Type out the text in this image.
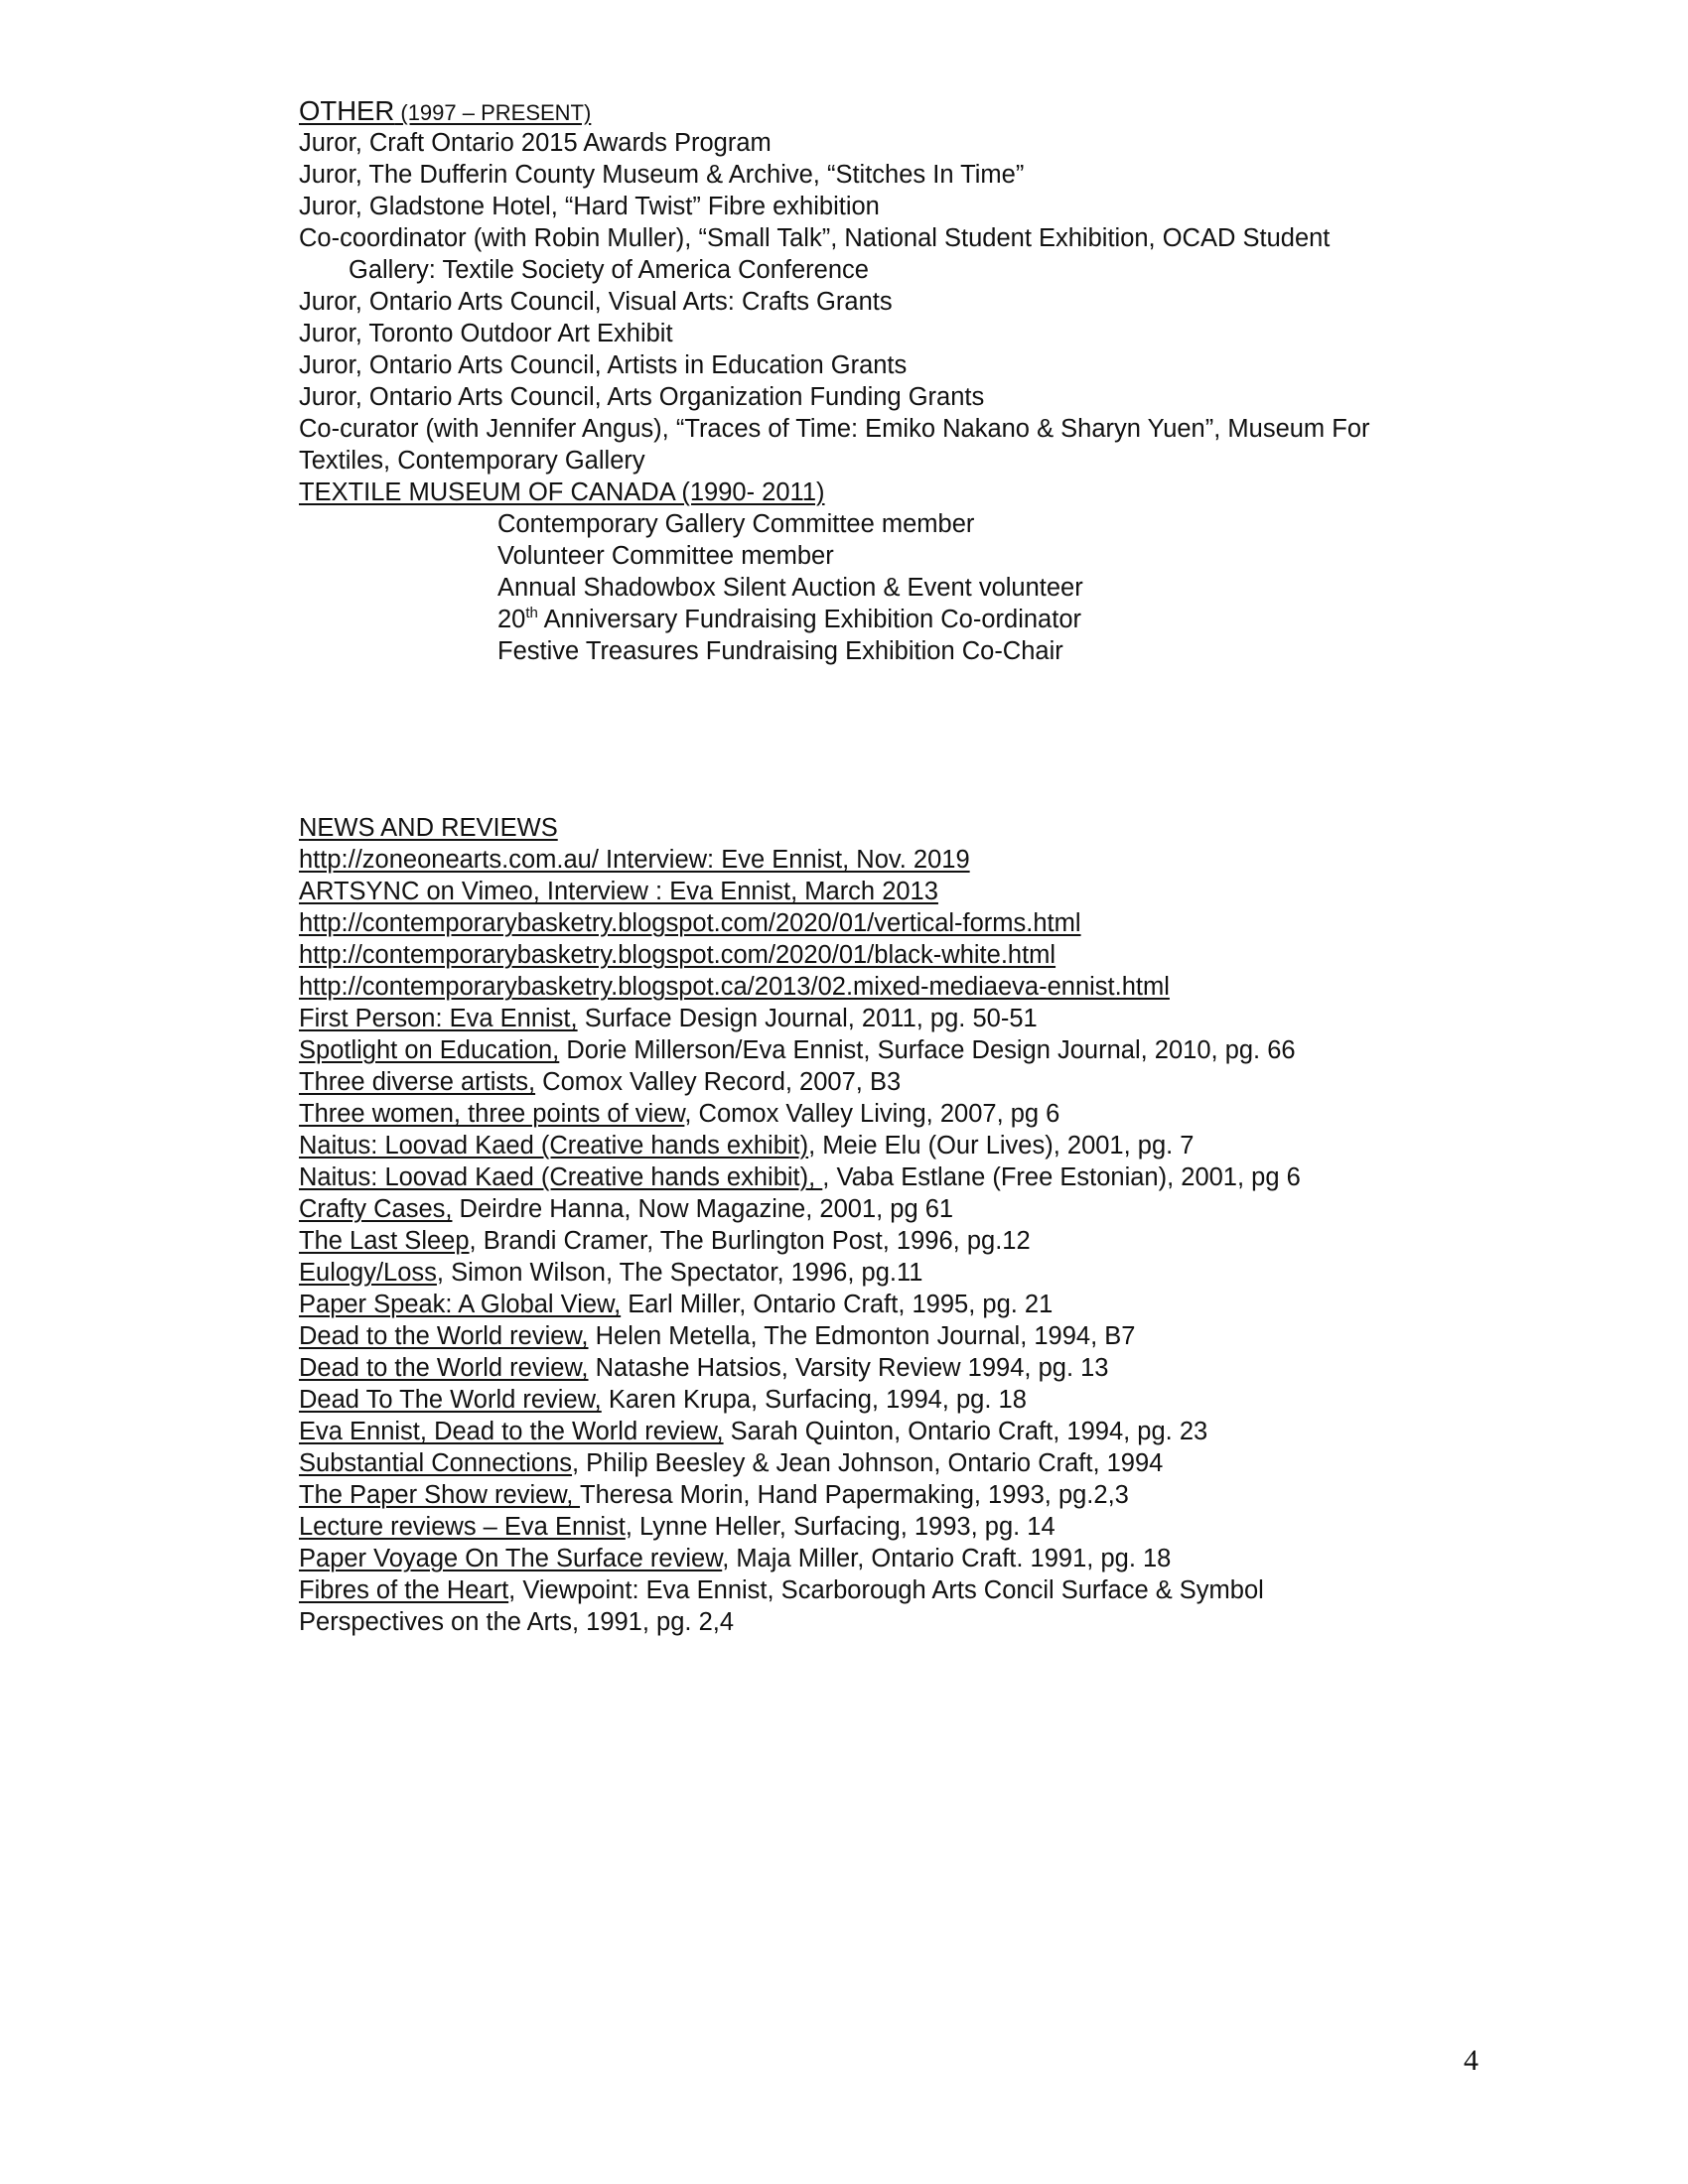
OTHER (1997 – PRESENT)
Juror, Craft Ontario 2015 Awards Program
Juror, The Dufferin County Museum & Archive, “Stitches In Time”
Juror, Gladstone Hotel, “Hard Twist” Fibre exhibition
Co-coordinator (with Robin Muller), “Small Talk”, National Student Exhibition, OCAD Student
Gallery: Textile Society of America Conference
Juror, Ontario Arts Council, Visual Arts: Crafts Grants
Juror, Toronto Outdoor Art Exhibit
Juror, Ontario Arts Council, Artists in Education Grants
Juror, Ontario Arts Council, Arts Organization Funding Grants
Co-curator (with Jennifer Angus), “Traces of Time: Emiko Nakano & Sharyn Yuen”, Museum For
Textiles, Contemporary Gallery
TEXTILE MUSEUM OF CANADA (1990- 2011)
Contemporary Gallery Committee member
Volunteer Committee member
Annual Shadowbox Silent Auction & Event volunteer
20th Anniversary Fundraising Exhibition Co-ordinator
Festive Treasures Fundraising Exhibition Co-Chair
NEWS AND REVIEWS
http://zoneonearts.com.au/ Interview: Eve Ennist, Nov. 2019
ARTSYNC on Vimeo, Interview : Eva Ennist, March 2013
http://contemporarybasketry.blogspot.com/2020/01/vertical-forms.html
http://contemporarybasketry.blogspot.com/2020/01/black-white.html
http://contemporarybasketry.blogspot.ca/2013/02.mixed-mediaeva-ennist.html
First Person: Eva Ennist, Surface Design Journal, 2011, pg. 50-51
Spotlight on Education, Dorie Millerson/Eva Ennist, Surface Design Journal, 2010, pg. 66
Three diverse artists, Comox Valley Record, 2007, B3
Three women, three points of view, Comox Valley Living, 2007, pg 6
Naitus: Loovad Kaed (Creative hands exhibit), Meie Elu (Our Lives), 2001, pg. 7
Naitus: Loovad Kaed (Creative hands exhibit), , Vaba Estlane (Free Estonian), 2001, pg 6
Crafty Cases, Deirdre Hanna, Now Magazine, 2001, pg 61
The Last Sleep, Brandi Cramer, The Burlington Post, 1996, pg.12
Eulogy/Loss, Simon Wilson, The Spectator, 1996, pg.11
Paper Speak: A Global View, Earl Miller, Ontario Craft, 1995, pg. 21
Dead to the World review, Helen Metella, The Edmonton Journal, 1994, B7
Dead to the World review, Natashe Hatsios, Varsity Review 1994, pg. 13
Dead To The World review, Karen Krupa, Surfacing, 1994, pg. 18
Eva Ennist, Dead to the World review, Sarah Quinton, Ontario Craft, 1994, pg. 23
Substantial Connections, Philip Beesley & Jean Johnson, Ontario Craft, 1994
The Paper Show review, Theresa Morin, Hand Papermaking, 1993, pg.2,3
Lecture reviews – Eva Ennist, Lynne Heller, Surfacing, 1993, pg. 14
Paper Voyage On The Surface review, Maja Miller, Ontario Craft. 1991, pg. 18
Fibres of the Heart, Viewpoint: Eva Ennist, Scarborough Arts Concil Surface & Symbol
Perspectives on the Arts, 1991, pg. 2,4
4
